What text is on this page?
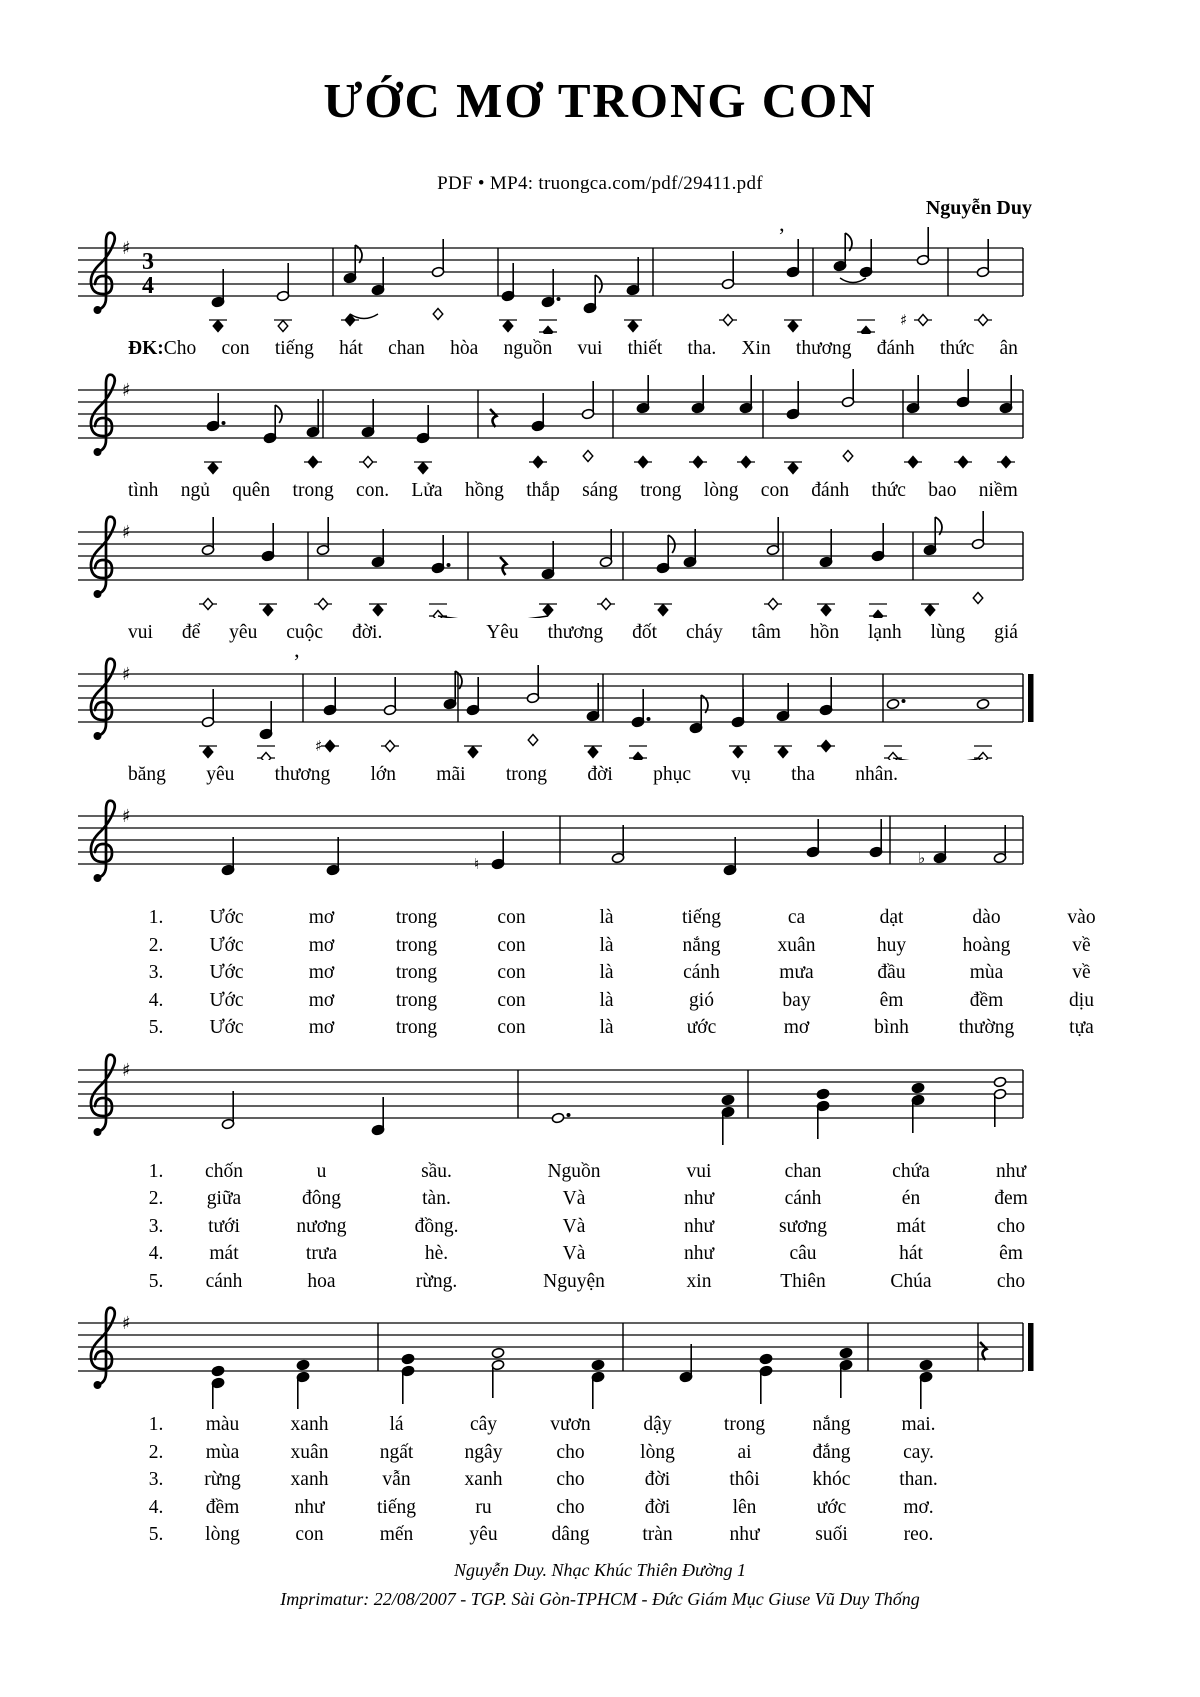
ƯỚC MƠ TRONG CON
PDF • MP4: truongca.com/pdf/29411.pdf
Nguyễn Duy
♯
3
4
♯
’
ĐK:Cho con tiếng hát chan hòa nguồn vui thiết tha. Xin thương đánh thức ân
♯
tình ngủ quên trong con. Lửa hồng thắp sáng trong lòng con đánh thức bao niềm
♯
vui để yêu cuộc đời.	Yêu thương đốt cháy tâm hồn lạnh lùng giá
♯
♯
’
băng yêu thương lớn mãi trong đời phục vụ tha nhân.
♯
♮	♭
1.	Ước	mơ	trong	con	là	tiếng	ca	dạt	dào	vào
2.	Ước	mơ	trong	con	là	nắng	xuân	huy	hoàng	về
3.	Ước	mơ	trong	con	là	cánh	mưa	đầu	mùa	về
4.	Ước	mơ	trong	con	là	gió	bay	êm	đềm	dịu
5.	Ước	mơ	trong	con	là	ước	mơ	bình	thường	tựa
♯
1.	chốn	u	sầu.	Nguồn	vui	chan	chứa	như
2.	giữa	đông	tàn.	Và	như	cánh	én	đem
3.	tưới	nương	đồng.	Và	như	sương	mát	cho
4.	mát	trưa	hè.	Và	như	câu	hát	êm
5.	cánh	hoa	rừng.	Nguyện	xin	Thiên	Chúa	cho
♯
1.	màu	xanh	lá	cây	vươn	dậy	trong	nắng	mai.
2.	mùa	xuân	ngất	ngây	cho	lòng	ai	đắng	cay.
3.	rừng	xanh	vẫn	xanh	cho	đời	thôi	khóc	than.
4.	đềm	như	tiếng	ru	cho	đời	lên	ước	mơ.
5.	lòng	con	mến	yêu	dâng	tràn	như	suối	reo.
Nguyễn Duy. Nhạc Khúc Thiên Đường 1
Imprimatur: 22/08/2007 - TGP. Sài Gòn-TPHCM - Đức Giám Mục Giuse Vũ Duy Thống
